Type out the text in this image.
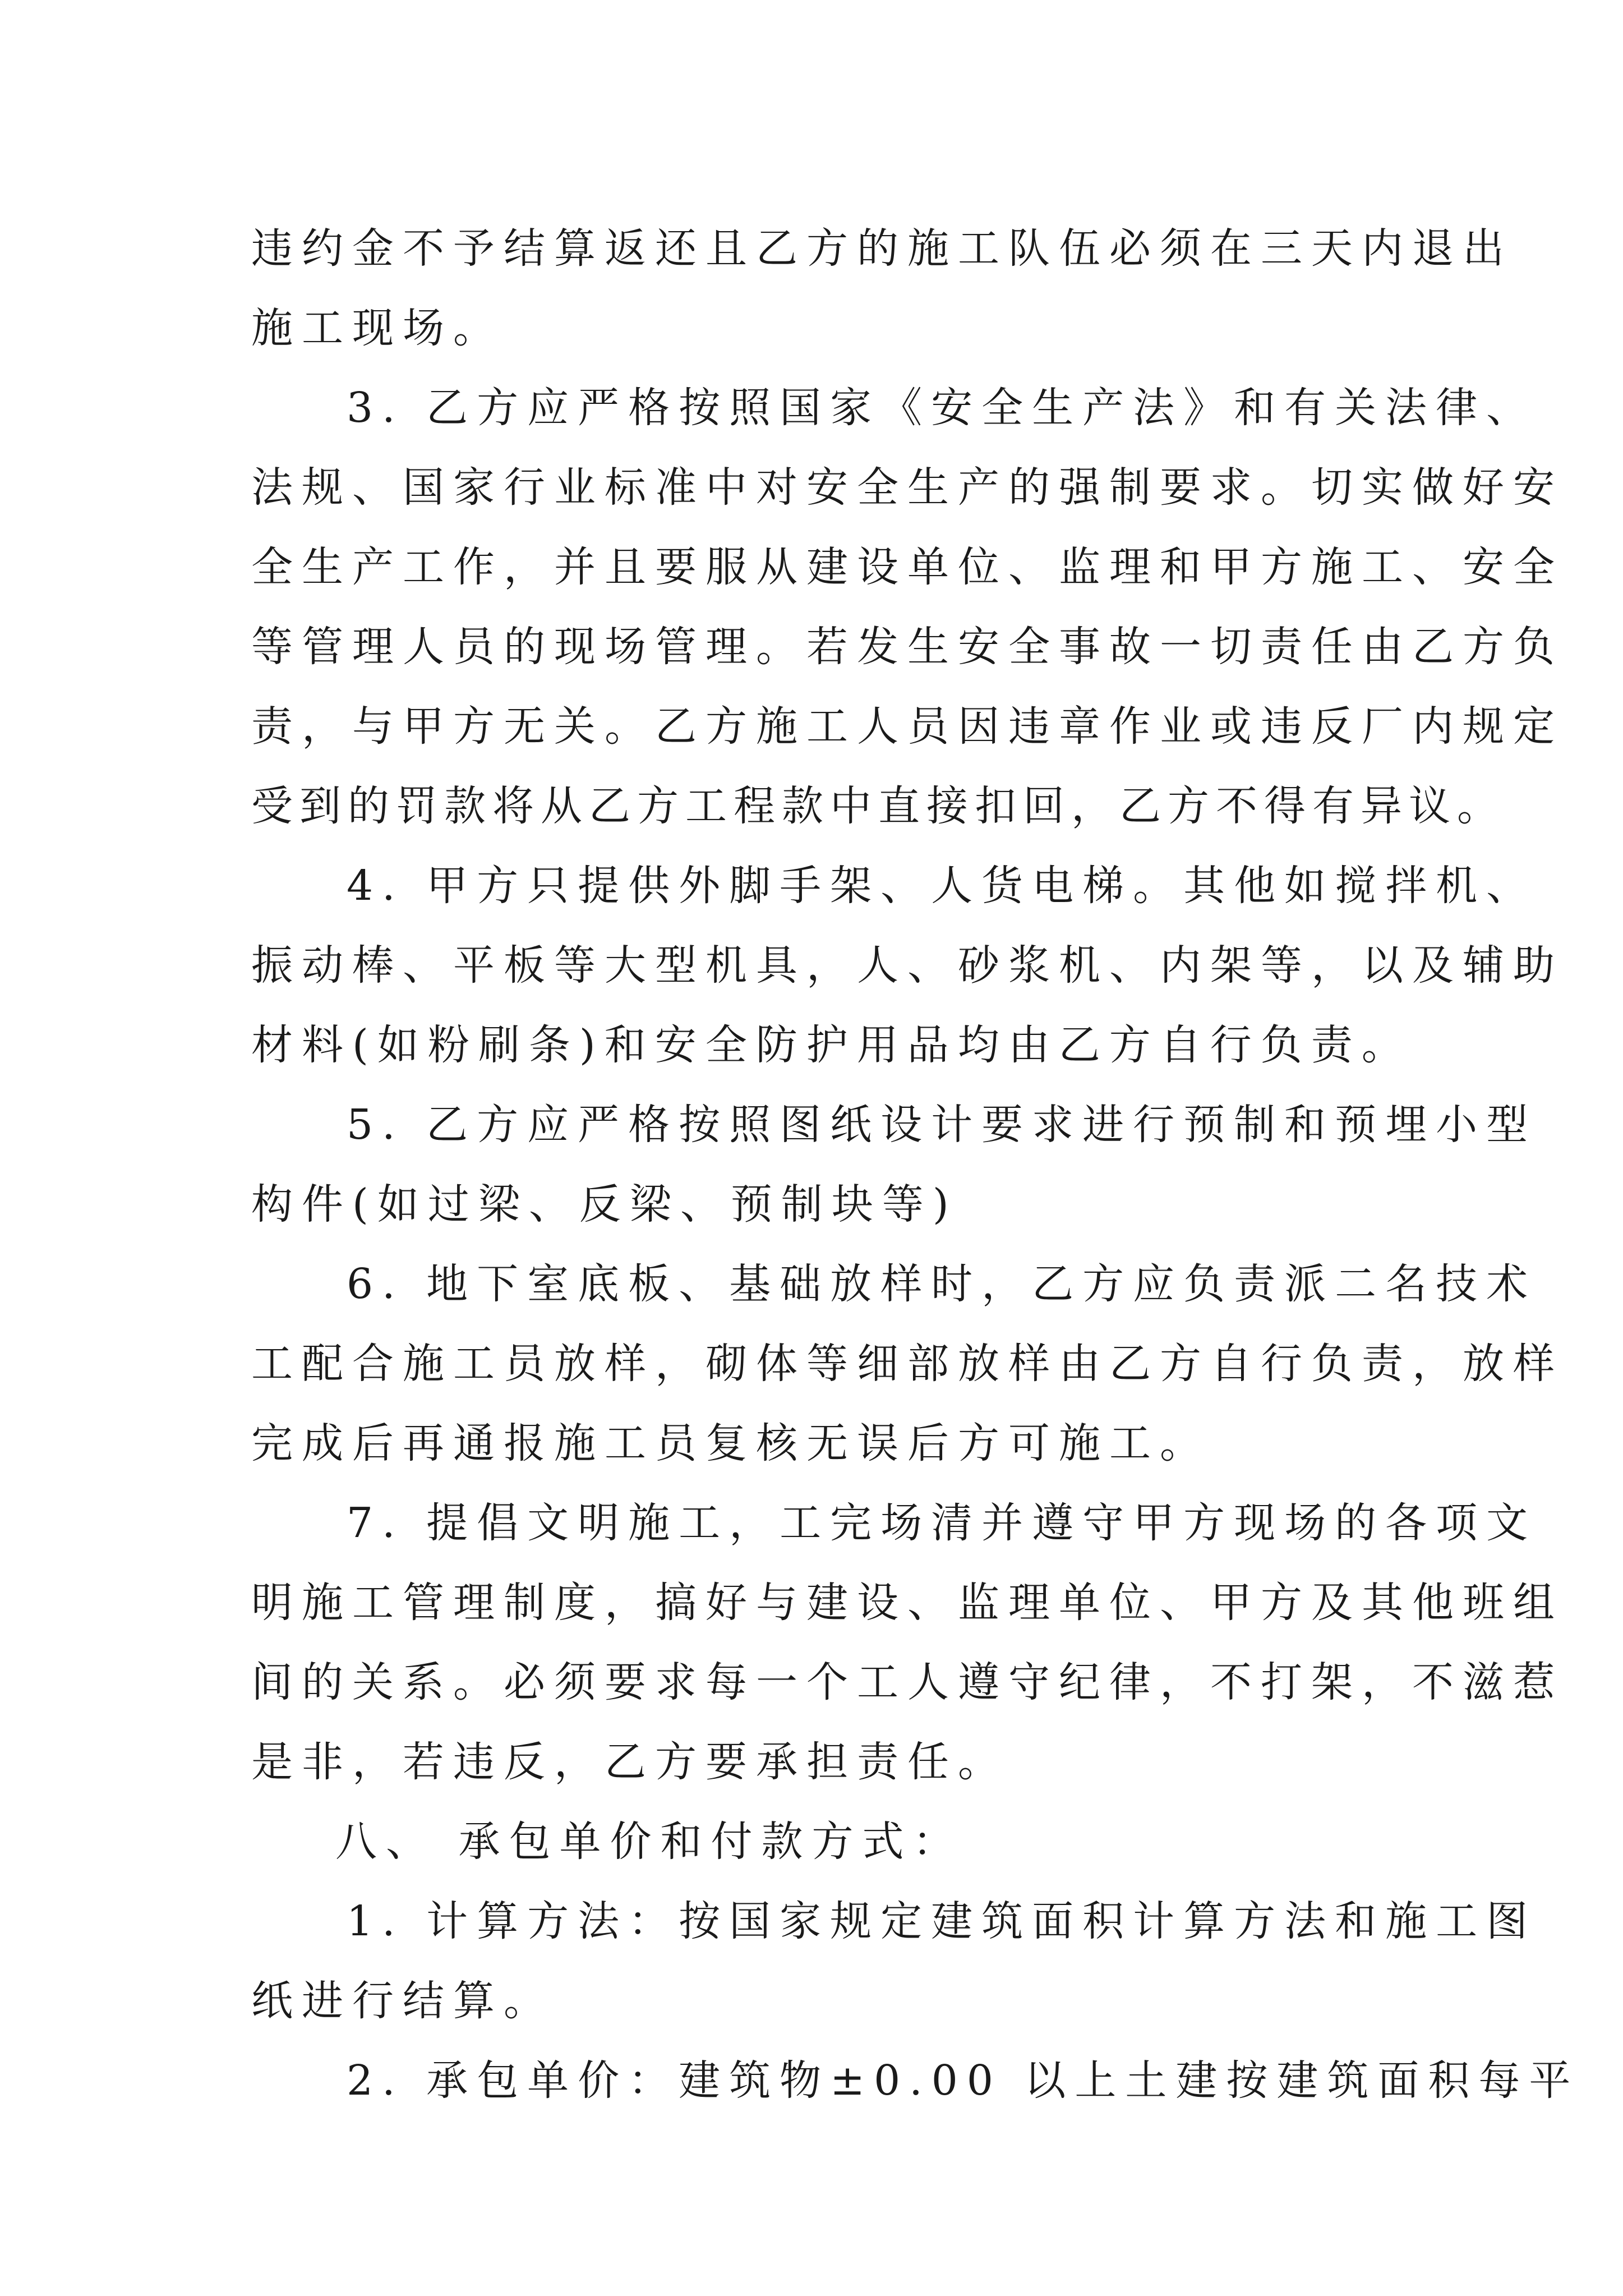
违约金不予结算返还且乙方的施工队伍必须在三天内退出
施工现场。
3. 乙方应严格按照国家《安全生产法》和有关法律、
法规、国家行业标准中对安全生产的强制要求。切实做好安
全生产工作，并且要服从建设单位、监理和甲方施工、安全
等管理人员的现场管理。若发生安全事故一切责任由乙方负
责，与甲方无关。乙方施工人员因违章作业或违反厂内规定
受到的罚款将从乙方工程款中直接扣回，乙方不得有异议。
4. 甲方只提供外脚手架、人货电梯。其他如搅拌机、
振动棒、平板等大型机具，人、砂浆机、内架等，以及辅助
材料(如粉刷条)和安全防护用品均由乙方自行负责。
5. 乙方应严格按照图纸设计要求进行预制和预埋小型
构件(如过梁、反梁、预制块等)
6. 地下室底板、基础放样时，乙方应负责派二名技术
工配合施工员放样，砌体等细部放样由乙方自行负责，放样
完成后再通报施工员复核无误后方可施工。
7. 提倡文明施工，工完场清并遵守甲方现场的各项文
明施工管理制度，搞好与建设、监理单位、甲方及其他班组
间的关系。必须要求每一个工人遵守纪律，不打架，不滋惹
是非，若违反，乙方要承担责任。
八、 承包单价和付款方式：
1. 计算方法：按国家规定建筑面积计算方法和施工图
纸进行结算。
2. 承包单价：建筑物±0.00 以上土建按建筑面积每平
